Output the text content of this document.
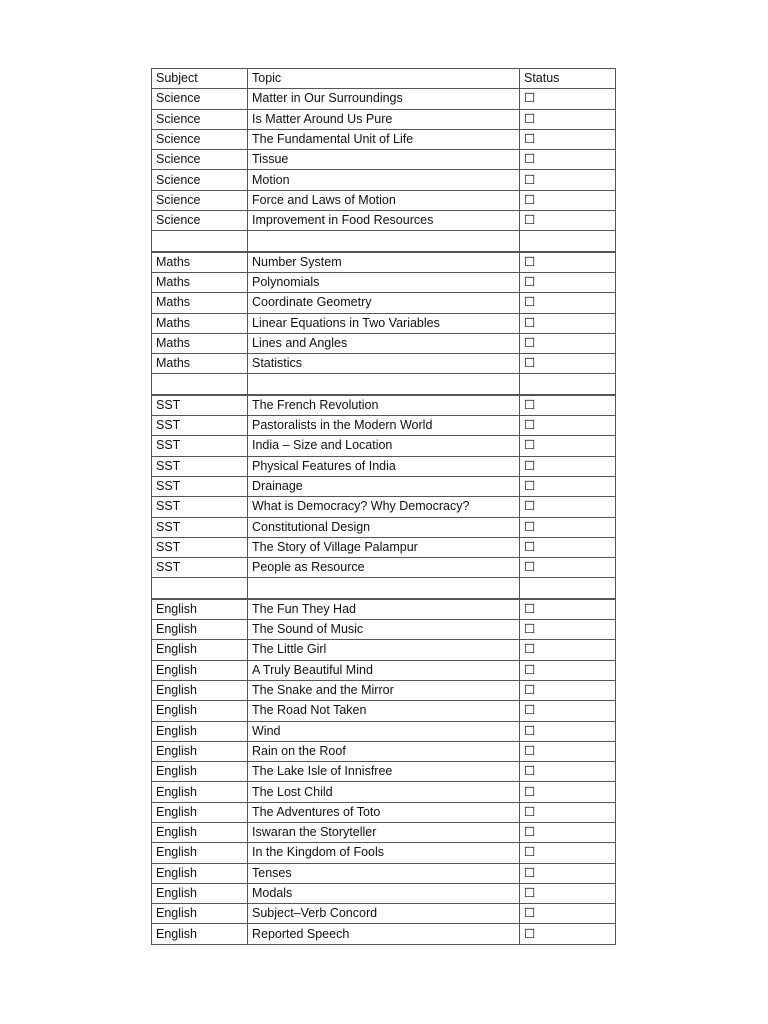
Subject	Topic	Status
Science	Matter in Our Surroundings	☐
Science	Is Matter Around Us Pure	☐
Science	The Fundamental Unit of Life	☐
Science	Tissue	☐
Science	Motion	☐
Science	Force and Laws of Motion	☐
Science	Improvement in Food Resources	☐

Maths	Number System	☐
Maths	Polynomials	☐
Maths	Coordinate Geometry	☐
Maths	Linear Equations in Two Variables	☐
Maths	Lines and Angles	☐
Maths	Statistics	☐

SST	The French Revolution	☐
SST	Pastoralists in the Modern World	☐
SST	India – Size and Location	☐
SST	Physical Features of India	☐
SST	Drainage	☐
SST	What is Democracy? Why Democracy?	☐
SST	Constitutional Design	☐
SST	The Story of Village Palampur	☐
SST	People as Resource	☐

English	The Fun They Had	☐
English	The Sound of Music	☐
English	The Little Girl	☐
English	A Truly Beautiful Mind	☐
English	The Snake and the Mirror	☐
English	The Road Not Taken	☐
English	Wind	☐
English	Rain on the Roof	☐
English	The Lake Isle of Innisfree	☐
English	The Lost Child	☐
English	The Adventures of Toto	☐
English	Iswaran the Storyteller	☐
English	In the Kingdom of Fools	☐
English	Tenses	☐
English	Modals	☐
English	Subject–Verb Concord	☐
English	Reported Speech	☐
